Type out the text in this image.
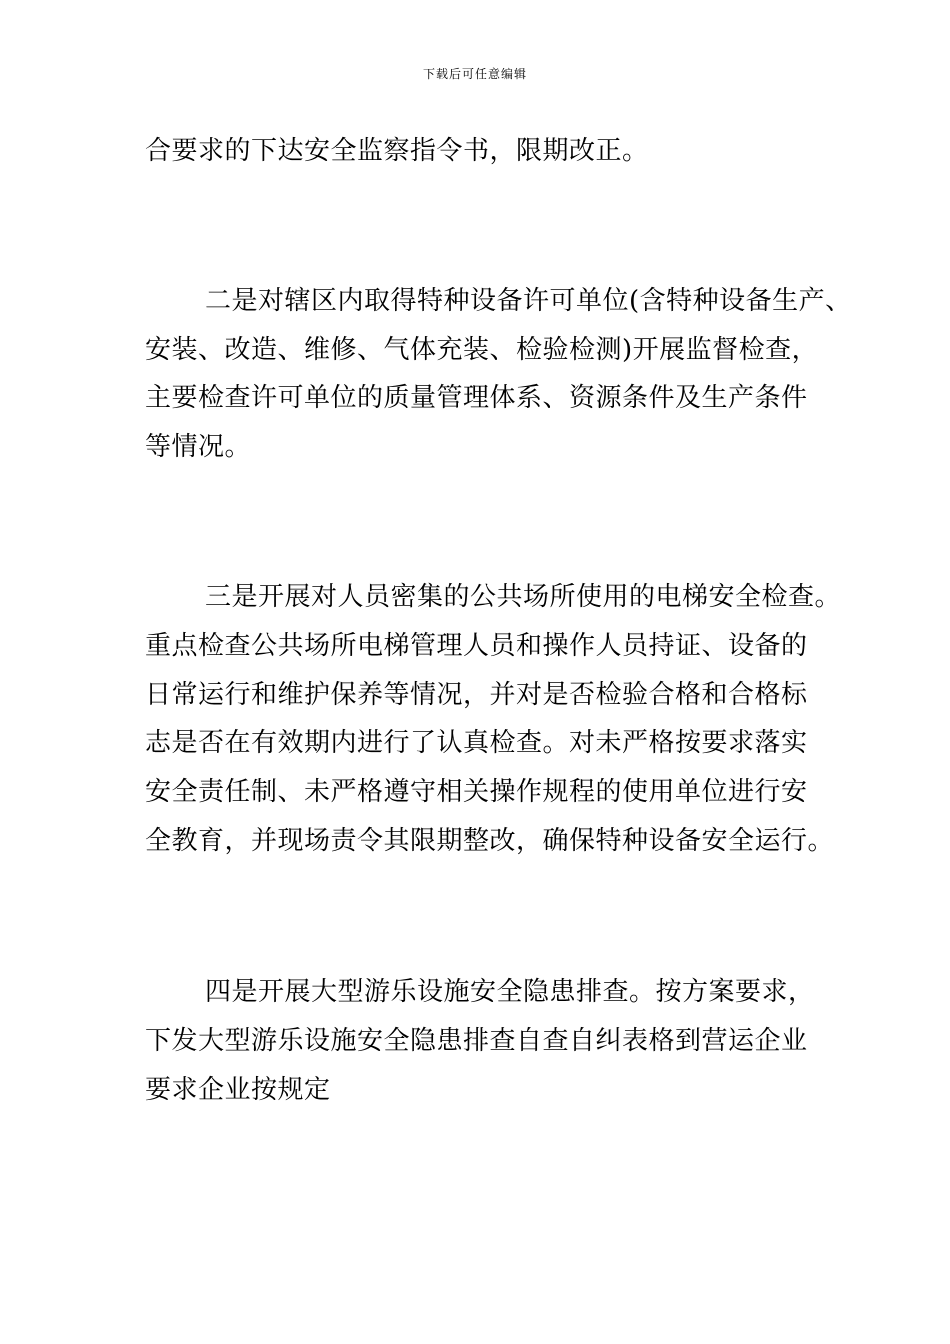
下载后可任意编辑
合要求的下达安全监察指令书，限期改正。
二是对辖区内取得特种设备许可单位(含特种设备生产、
安装、改造、维修、气体充装、检验检测)开展监督检查，
主要检查许可单位的质量管理体系、资源条件及生产条件
等情况。
三是开展对人员密集的公共场所使用的电梯安全检查。
重点检查公共场所电梯管理人员和操作人员持证、设备的
日常运行和维护保养等情况，并对是否检验合格和合格标
志是否在有效期内进行了认真检查。对未严格按要求落实
安全责任制、未严格遵守相关操作规程的使用单位进行安
全教育，并现场责令其限期整改，确保特种设备安全运行。
四是开展大型游乐设施安全隐患排查。按方案要求，
下发大型游乐设施安全隐患排查自查自纠表格到营运企业
要求企业按规定
